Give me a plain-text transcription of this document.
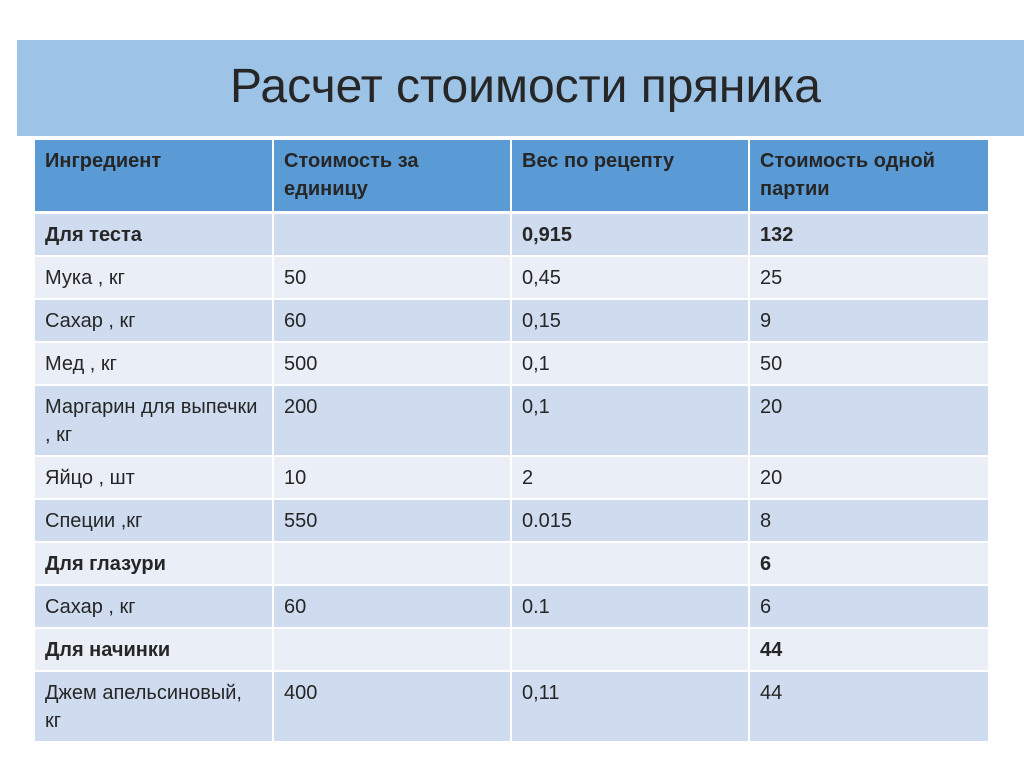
Расчет стоимости пряника
Ингредиент	Стоимость за единицу	Вес по рецепту	Стоимость одной партии
Для теста		0,915	132
Мука , кг	50	0,45	25
Сахар , кг	60	0,15	9
Мед , кг	500	0,1	50
Маргарин для выпечки , кг	200	0,1	20
Яйцо , шт	10	2	20
Специи ,кг	550	0.015	8
Для глазури			6
Сахар , кг	60	0.1	6
Для начинки			44
Джем апельсиновый, кг	400	0,11	44
